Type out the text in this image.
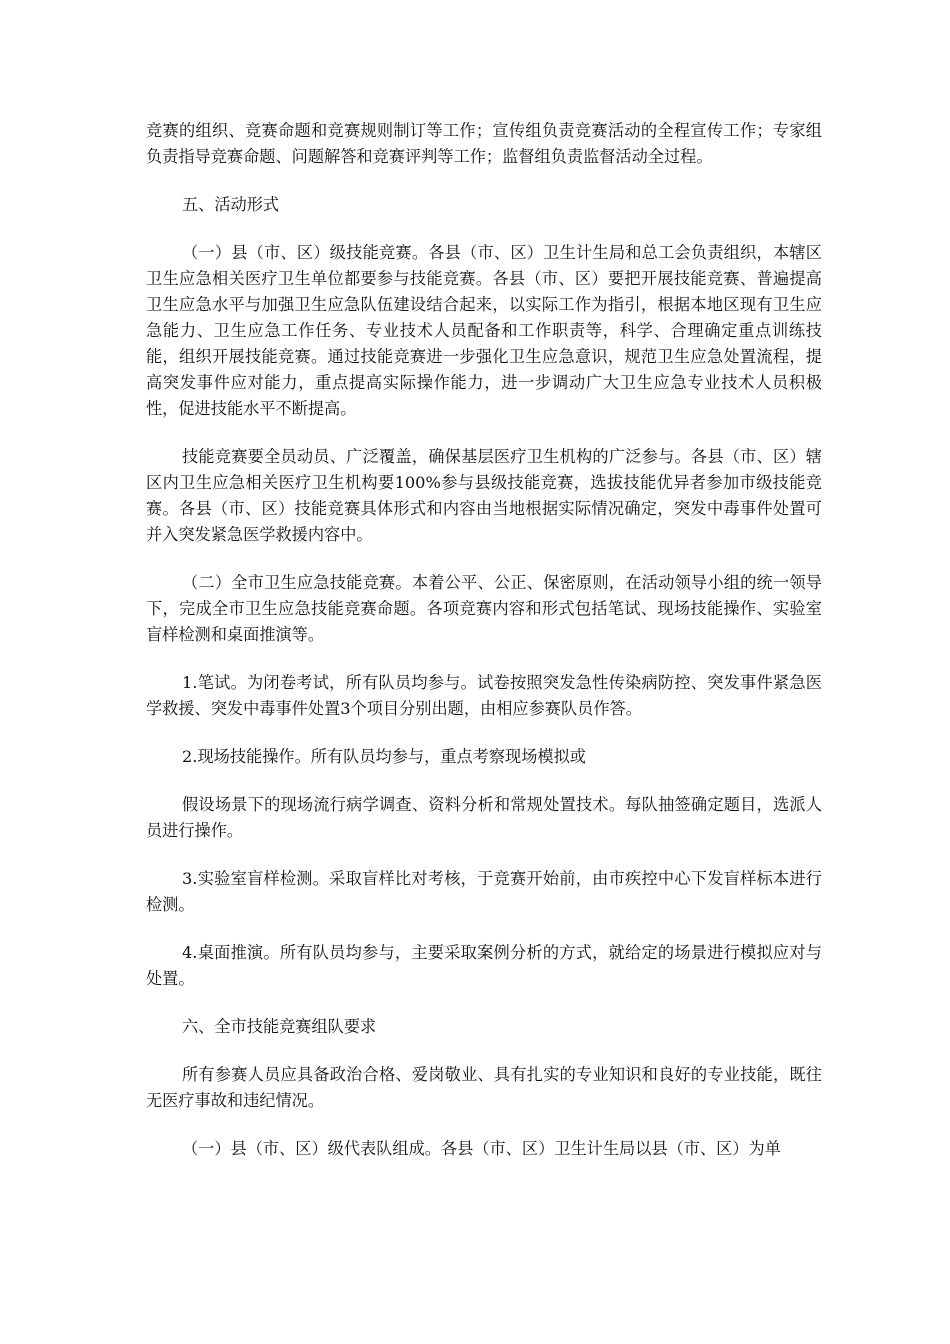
竞赛的组织、竞赛命题和竞赛规则制订等工作；宣传组负责竞赛活动的全程宣传工作；专家组负责指导竞赛命题、问题解答和竞赛评判等工作；监督组负责监督活动全过程。

五、活动形式

（一）县（市、区）级技能竞赛。各县（市、区）卫生计生局和总工会负责组织，本辖区卫生应急相关医疗卫生单位都要参与技能竞赛。各县（市、区）要把开展技能竞赛、普遍提高卫生应急水平与加强卫生应急队伍建设结合起来，以实际工作为指引，根据本地区现有卫生应急能力、卫生应急工作任务、专业技术人员配备和工作职责等，科学、合理确定重点训练技能，组织开展技能竞赛。通过技能竞赛进一步强化卫生应急意识，规范卫生应急处置流程，提高突发事件应对能力，重点提高实际操作能力，进一步调动广大卫生应急专业技术人员积极性，促进技能水平不断提高。

技能竞赛要全员动员、广泛覆盖，确保基层医疗卫生机构的广泛参与。各县（市、区）辖区内卫生应急相关医疗卫生机构要100%参与县级技能竞赛，选拔技能优异者参加市级技能竞赛。各县（市、区）技能竞赛具体形式和内容由当地根据实际情况确定，突发中毒事件处置可并入突发紧急医学救援内容中。

（二）全市卫生应急技能竞赛。本着公平、公正、保密原则，在活动领导小组的统一领导下，完成全市卫生应急技能竞赛命题。各项竞赛内容和形式包括笔试、现场技能操作、实验室盲样检测和桌面推演等。

1.笔试。为闭卷考试，所有队员均参与。试卷按照突发急性传染病防控、突发事件紧急医学救援、突发中毒事件处置3个项目分别出题，由相应参赛队员作答。

2.现场技能操作。所有队员均参与，重点考察现场模拟或

假设场景下的现场流行病学调查、资料分析和常规处置技术。每队抽签确定题目，选派人员进行操作。

3.实验室盲样检测。采取盲样比对考核，于竞赛开始前，由市疾控中心下发盲样标本进行检测。

4.桌面推演。所有队员均参与，主要采取案例分析的方式，就给定的场景进行模拟应对与处置。

六、全市技能竞赛组队要求

所有参赛人员应具备政治合格、爱岗敬业、具有扎实的专业知识和良好的专业技能，既往无医疗事故和违纪情况。

（一）县（市、区）级代表队组成。各县（市、区）卫生计生局以县（市、区）为单
